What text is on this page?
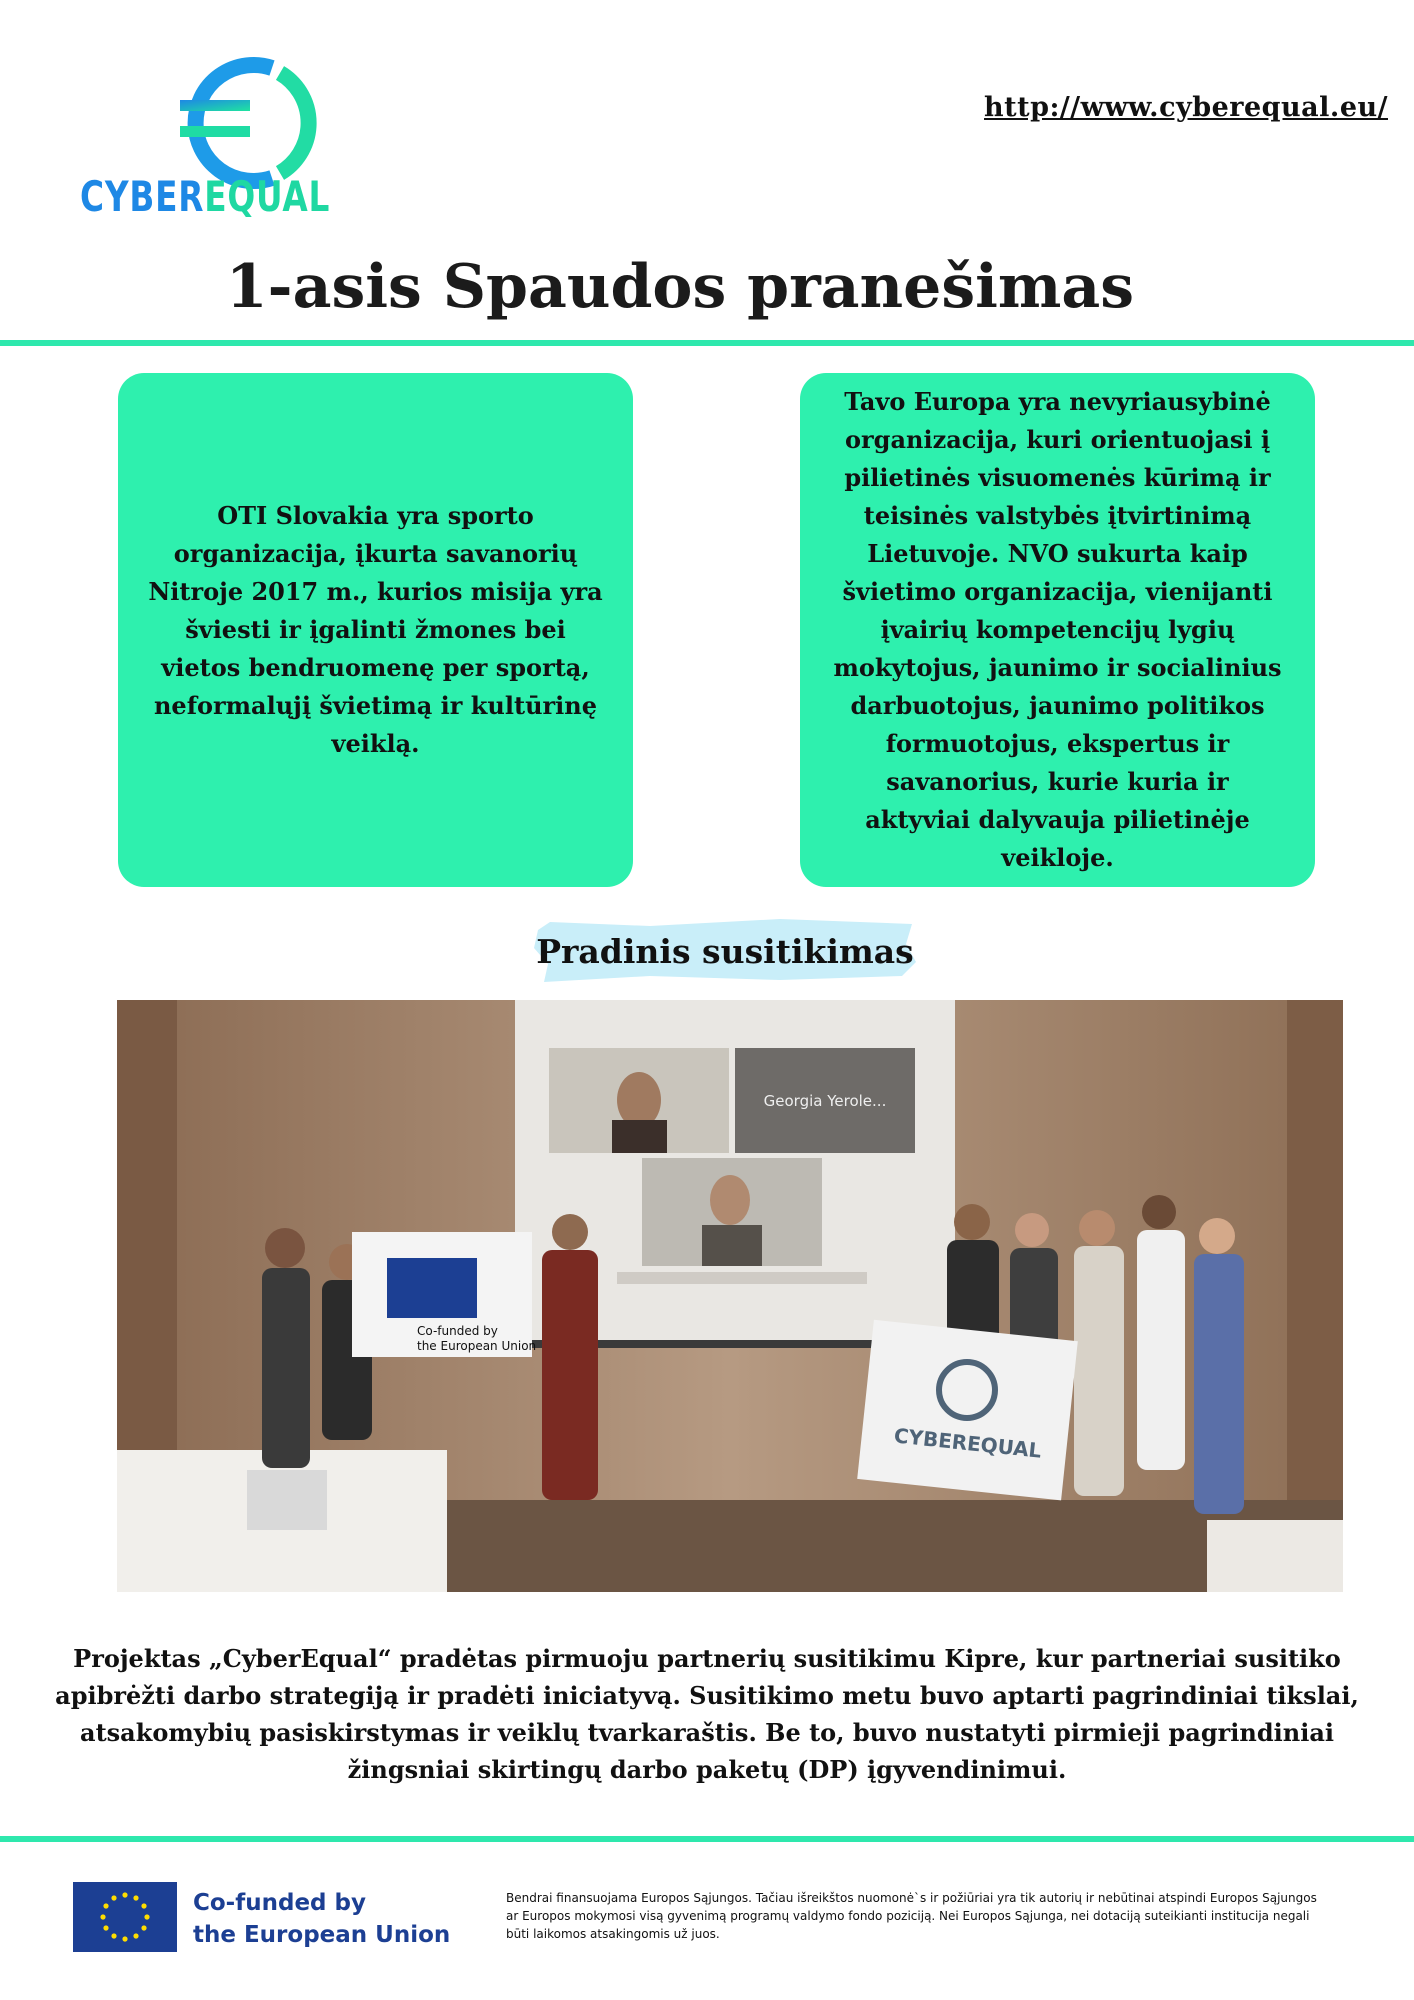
CYBEREQUAL
http://www.cyberequal.eu/
1-asis Spaudos pranešimas
OTI Slovakia yra sporto organizacija, įkurta savanorių Nitroje 2017 m., kurios misija yra šviesti ir įgalinti žmones bei vietos bendruomenę per sportą, neformalųjį švietimą ir kultūrinę veiklą.
Tavo Europa yra nevyriausybinė organizacija, kuri orientuojasi į pilietinės visuomenės kūrimą ir teisinės valstybės įtvirtinimą Lietuvoje. NVO sukurta kaip švietimo organizacija, vienijanti įvairių kompetencijų lygių mokytojus, jaunimo ir socialinius darbuotojus, jaunimo politikos formuotojus, ekspertus ir savanorius, kurie kuria ir aktyviai dalyvauja pilietinėje veikloje.
Pradinis susitikimas
Georgia Yerole...
Co-funded by
the European Union
CYBEREQUAL
Projektas „CyberEqual“ pradėtas pirmuoju partnerių susitikimu Kipre, kur partneriai susitiko apibrėžti darbo strategiją ir pradėti iniciatyvą. Susitikimo metu buvo aptarti pagrindiniai tikslai, atsakomybių pasiskirstymas ir veiklų tvarkaraštis. Be to, buvo nustatyti pirmieji pagrindiniai žingsniai skirtingų darbo paketų (DP) įgyvendinimui.
Co-funded by
the European Union
Bendrai finansuojama Europos Sąjungos. Tačiau išreikštos nuomonė`s ir požiūriai yra tik autorių ir nebūtinai atspindi Europos Sąjungos ar Europos mokymosi visą gyvenimą programų valdymo fondo poziciją. Nei Europos Sąjunga, nei dotaciją suteikianti institucija negali būti laikomos atsakingomis už juos.
